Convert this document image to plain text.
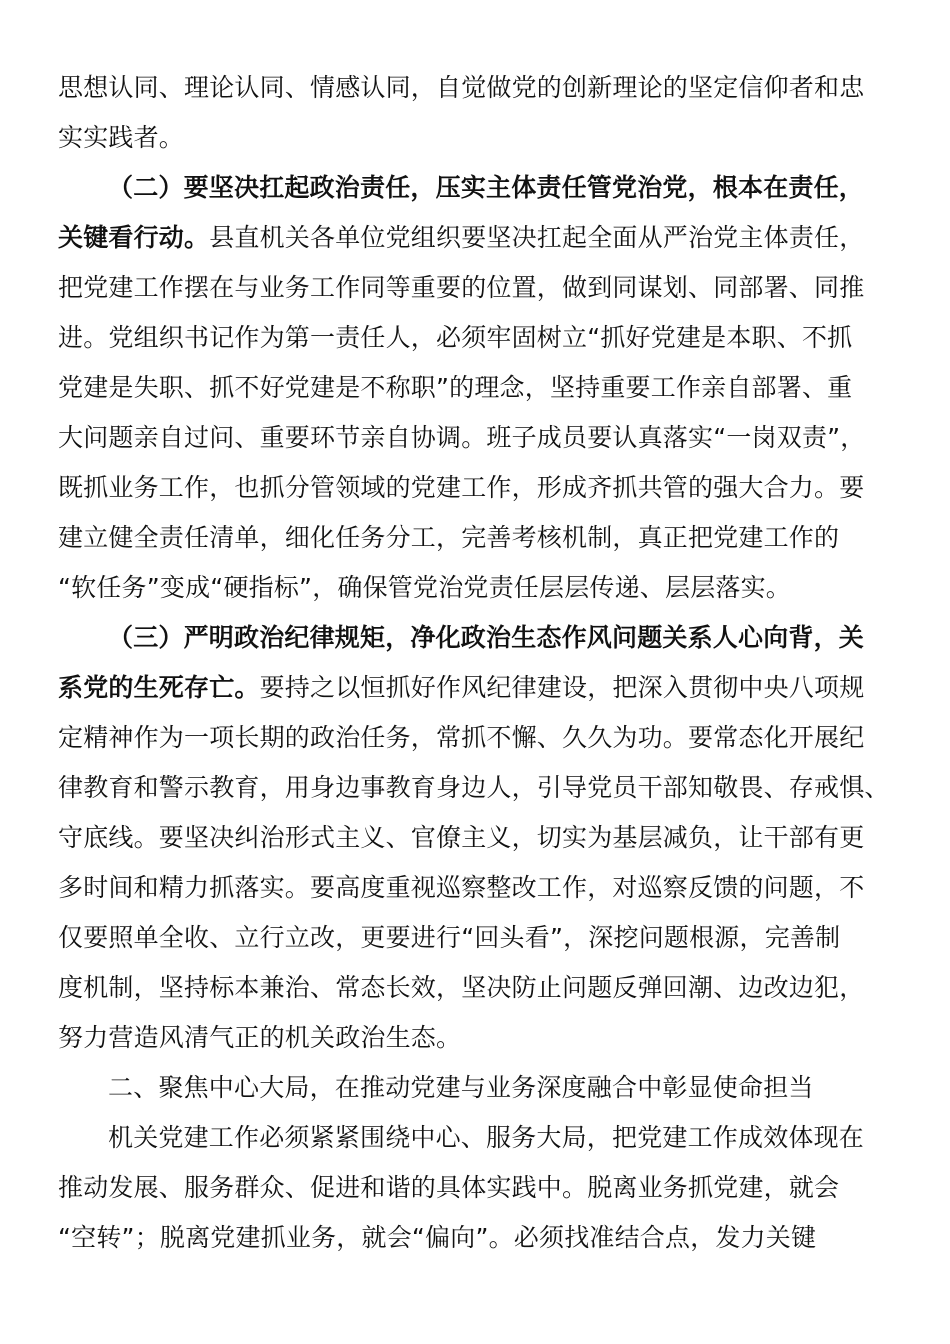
思想认同、理论认同、情感认同，自觉做党的创新理论的坚定信仰者和忠
实实践者。
（二）要坚决扛起政治责任，压实主体责任管党治党，根本在责任，
关键看行动。县直机关各单位党组织要坚决扛起全面从严治党主体责任，
把党建工作摆在与业务工作同等重要的位置，做到同谋划、同部署、同推
进。党组织书记作为第一责任人，必须牢固树立“抓好党建是本职、不抓
党建是失职、抓不好党建是不称职”的理念，坚持重要工作亲自部署、重
大问题亲自过问、重要环节亲自协调。班子成员要认真落实“一岗双责”，
既抓业务工作，也抓分管领域的党建工作，形成齐抓共管的强大合力。要
建立健全责任清单，细化任务分工，完善考核机制，真正把党建工作的
“软任务”变成“硬指标”，确保管党治党责任层层传递、层层落实。
（三）严明政治纪律规矩，净化政治生态作风问题关系人心向背，关
系党的生死存亡。要持之以恒抓好作风纪律建设，把深入贯彻中央八项规
定精神作为一项长期的政治任务，常抓不懈、久久为功。要常态化开展纪
律教育和警示教育，用身边事教育身边人，引导党员干部知敬畏、存戒惧、
守底线。要坚决纠治形式主义、官僚主义，切实为基层减负，让干部有更
多时间和精力抓落实。要高度重视巡察整改工作，对巡察反馈的问题，不
仅要照单全收、立行立改，更要进行“回头看”，深挖问题根源，完善制
度机制，坚持标本兼治、常态长效，坚决防止问题反弹回潮、边改边犯，
努力营造风清气正的机关政治生态。
二、聚焦中心大局，在推动党建与业务深度融合中彰显使命担当
机关党建工作必须紧紧围绕中心、服务大局，把党建工作成效体现在
推动发展、服务群众、促进和谐的具体实践中。脱离业务抓党建，就会
“空转”；脱离党建抓业务，就会“偏向”。必须找准结合点，发力关键
